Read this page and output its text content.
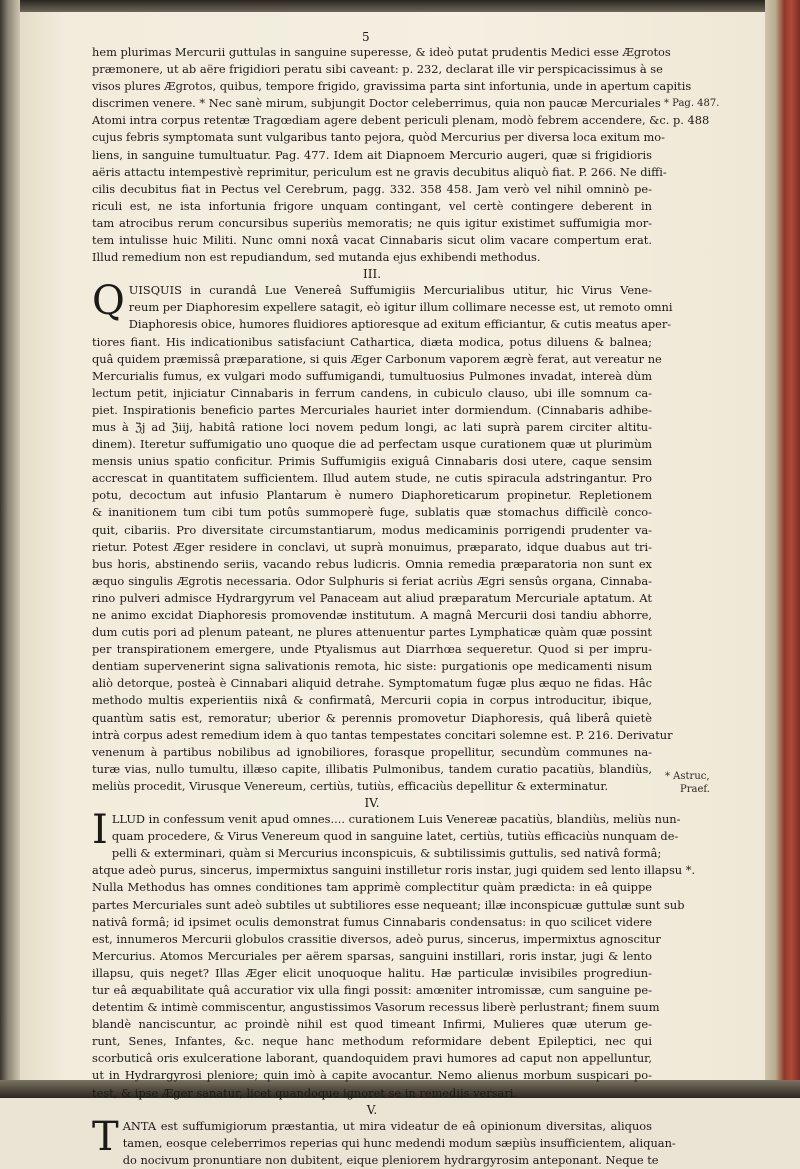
5
* Pag. 487.
* Astruc,
Praef.

hem plurimas Mercurii guttulas in sanguine superesse, & ideò putat prudentis Medici esse Ægrotos
præmonere, ut ab aëre frigidiori peratu sibi caveant: p. 232, declarat ille vir perspicacissimus à se
visos plures Ægrotos, quibus, tempore frigido, gravissima parta sint infortunia, unde in apertum capitis
discrimen venere. * Nec sanè mirum, subjungit Doctor celeberrimus, quia non paucæ Mercuriales
Atomi intra corpus retentæ Tragœdiam agere debent periculi plenam, modò febrem accendere, &c. p. 488
cujus febris symptomata sunt vulgaribus tanto pejora, quòd Mercurius per diversa loca exitum mo-
liens, in sanguine tumultuatur. Pag. 477. Idem ait Diapnoem Mercurio augeri, quæ si frigidioris
aëris attactu intempestivè reprimitur, periculum est ne gravis decubitus aliquò fiat. P. 266. Ne diffi-
cilis decubitus fiat in Pectus vel Cerebrum, pagg. 332. 358 458. Jam verò vel nihil omninò pe-
riculi est, ne ista infortunia frigore unquam contingant, vel certè contingere deberent in
tam atrocibus rerum concursibus superiùs memoratis; ne quis igitur existimet suffumigia mor-
tem intulisse huic Militi. Nunc omni noxâ vacat Cinnabaris sicut olim vacare compertum erat.
Illud remedium non est repudiandum, sed mutanda ejus exhibendi methodus.

III.

Q UISQUIS in curandâ Lue Venereâ Suffumigiis Mercurialibus utitur, hic Virus Vene-
reum per Diaphoresim expellere satagit, eò igitur illum collimare necesse est, ut remoto omni
Diaphoresis obice, humores fluidiores aptioresque ad exitum efficiantur, & cutis meatus aper-
tiores fiant. His indicationibus satisfaciunt Cathartica, diæta modica, potus diluens & balnea;
quâ quidem præmissâ præparatione, si quis Æger Carbonum vaporem ægrè ferat, aut vereatur ne
Mercurialis fumus, ex vulgari modo suffumigandi, tumultuosius Pulmones invadat, intereà dùm
lectum petit, injiciatur Cinnabaris in ferrum candens, in cubiculo clauso, ubi ille somnum ca-
piet. Inspirationis beneficio partes Mercuriales hauriet inter dormiendum. (Cinnabaris adhibe-
mus à ℨj ad ℨiij, habitâ ratione loci novem pedum longi, ac lati suprà parem circiter altitu-
dinem). Iteretur suffumigatio uno quoque die ad perfectam usque curationem quæ ut plurimùm
mensis unius spatio conficitur. Primis Suffumigiis exiguâ Cinnabaris dosi utere, caque sensim
accrescat in quantitatem sufficientem. Illud autem stude, ne cutis spiracula adstringantur. Pro
potu, decoctum aut infusio Plantarum è numero Diaphoreticarum propinetur. Repletionem
& inanitionem tum cibi tum potûs summoperè fuge, sublatis quæ stomachus difficilè conco-
quit, cibariis. Pro diversitate circumstantiarum, modus medicaminis porrigendi prudenter va-
rietur. Potest Æger residere in conclavi, ut suprà monuimus, præparato, idque duabus aut tri-
bus horis, abstinendo seriis, vacando rebus ludicris. Omnia remedia præparatoria non sunt ex
æquo singulis Ægrotis necessaria. Odor Sulphuris si feriat acriùs Ægri sensûs organa, Cinnaba-
rino pulveri admisce Hydrargyrum vel Panaceam aut aliud præparatum Mercuriale aptatum. At
ne animo excidat Diaphoresis promovendæ institutum. A magnâ Mercurii dosi tandiu abhorre,
dum cutis pori ad plenum pateant, ne plures attenuentur partes Lymphaticæ quàm quæ possint
per transpirationem emergere, unde Ptyalismus aut Diarrhœa sequeretur. Quod si per impru-
dentiam supervenerint signa salivationis remota, hic siste: purgationis ope medicamenti nisum
aliò detorque, posteà è Cinnabari aliquid detrahe. Symptomatum fugæ plus æquo ne fidas. Hâc
methodo multis experientiis nixâ & confirmatâ, Mercurii copia in corpus introducitur, ibique,
quantùm satis est, remoratur; uberior & perennis promovetur Diaphoresis, quâ liberâ quietè
intrà corpus adest remedium idem à quo tantas tempestates concitari solemne est. P. 216. Derivatur
venenum à partibus nobilibus ad ignobiliores, forasque propellitur, secundùm communes na-
turæ vias, nullo tumultu, illæso capite, illibatis Pulmonibus, tandem curatio pacatiùs, blandiùs,
meliùs procedit, Virusque Venereum, certiùs, tutiùs, efficaciùs depellitur & exterminatur.

IV.

I LLUD in confessum venit apud omnes.... curationem Luis Venereæ pacatiùs, blandiùs, meliùs nun-
quam procedere, & Virus Venereum quod in sanguine latet, certiùs, tutiùs efficaciùs nunquam de-
pelli & exterminari, quàm si Mercurius inconspicuis, & subtilissimis guttulis, sed nativâ formâ;
atque adeò purus, sincerus, impermixtus sanguini instilletur roris instar, jugi quidem sed lento illapsu *.
Nulla Methodus has omnes conditiones tam apprimè complectitur quàm prædicta: in eâ quippe
partes Mercuriales sunt adeò subtiles ut subtiliores esse nequeant; illæ inconspicuæ guttulæ sunt sub
nativâ formâ; id ipsimet oculis demonstrat fumus Cinnabaris condensatus: in quo scilicet videre
est, innumeros Mercurii globulos crassitie diversos, adeò purus, sincerus, impermixtus agnoscitur
Mercurius. Atomos Mercuriales per aërem sparsas, sanguini instillari, roris instar, jugi & lento
illapsu, quis neget? Illas Æger elicit unoquoque halitu. Hæ particulæ invisibiles progrediun-
tur eâ æquabilitate quâ accuratior vix ulla fingi possit: amœniter intromissæ, cum sanguine pe-
detentim & intimè commiscentur, angustissimos Vasorum recessus liberè perlustrant; finem suum
blandè nanciscuntur, ac proindè nihil est quod timeant Infirmi, Mulieres quæ uterum ge-
runt, Senes, Infantes, &c. neque hanc methodum reformidare debent Epileptici, nec qui
scorbuticâ oris exulceratione laborant, quandoquidem pravi humores ad caput non appelluntur,
ut in Hydrargyrosi pleniore; quin imò à capite avocantur. Nemo alienus morbum suspicari po-
test, & ipse Æger sanatur, licet quandoque ignoret se in remediis versari.

V.

T ANTA est suffumigiorum præstantia, ut mira videatur de eâ opinionum diversitas, aliquos
tamen, eosque celeberrimos reperias qui hunc medendi modum sæpiùs insufficientem, aliquan-
do nocivum pronuntiare non dubitent, eique pleniorem hydrargyrosim anteponant. Neque te
